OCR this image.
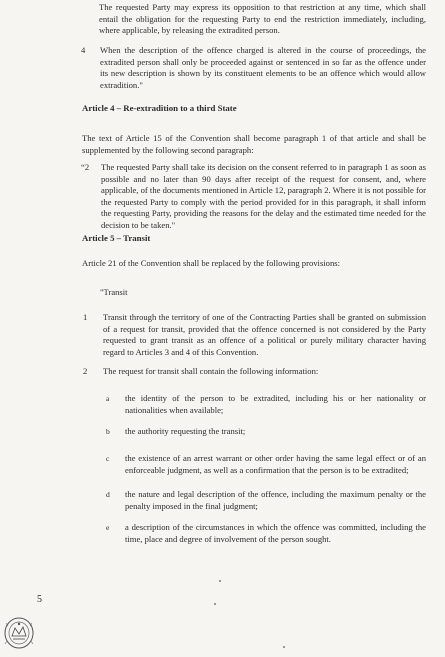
The requested Party may express its opposition to that restriction at any time, which shall entail the obligation for the requesting Party to end the restriction immediately, including, where applicable, by releasing the extradited person.

4 When the description of the offence charged is altered in the course of proceedings, the extradited person shall only be proceeded against or sentenced in so far as the offence under its new description is shown by its constituent elements to be an offence which would allow extradition."

Article 4 – Re-extradition to a third State

The text of Article 15 of the Convention shall become paragraph 1 of that article and shall be supplemented by the following second paragraph:

“2 The requested Party shall take its decision on the consent referred to in paragraph 1 as soon as possible and no later than 90 days after receipt of the request for consent, and, where applicable, of the documents mentioned in Article 12, paragraph 2. Where it is not possible for the requested Party to comply with the period provided for in this paragraph, it shall inform the requesting Party, providing the reasons for the delay and the estimated time needed for the decision to be taken."

Article 5 – Transit

Article 21 of the Convention shall be replaced by the following provisions:

"Transit
1 Transit through the territory of one of the Contracting Parties shall be granted on submission of a request for transit, provided that the offence concerned is not considered by the Party requested to grant transit as an offence of a political or purely military character having regard to Articles 3 and 4 of this Convention.

2 The request for transit shall contain the following information:

a the identity of the person to be extradited, including his or her nationality or nationalities when available;

b the authority requesting the transit;

c the existence of an arrest warrant or other order having the same legal effect or of an enforceable judgment, as well as a confirmation that the person is to be extradited;

d the nature and legal description of the offence, including the maximum penalty or the penalty imposed in the final judgment;

e a description of the circumstances in which the offence was committed, including the time, place and degree of involvement of the person sought.

5
